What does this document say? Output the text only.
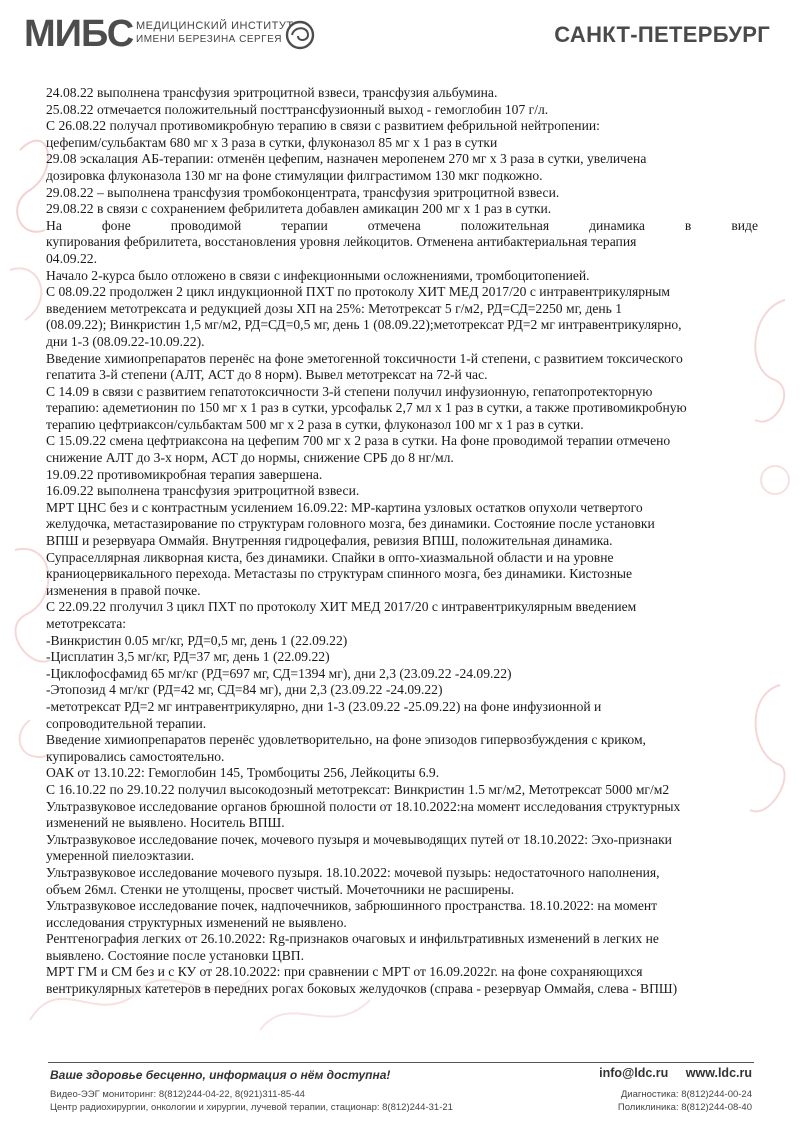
МИБС МЕДИЦИНСКИЙ ИНСТИТУТ
ИМЕНИ БЕРЕЗИНА СЕРГЕЯ	САНКТ-ПЕТЕРБУРГ

24.08.22 выполнена трансфузия эритроцитной взвеси, трансфузия альбумина.

25.08.22 отмечается положительный посттрансфузионный выход - гемоглобин 107 г/л.

С 26.08.22 получал противомикробную терапию в связи с развитием фебрильной нейтропении:

цефепим/сульбактам 680 мг х 3 раза в сутки, флуконазол 85 мг х 1 раз в сутки

29.08 эскалация АБ-терапии: отменён цефепим, назначен меропенем 270 мг х 3 раза в сутки, увеличена

дозировка флуконазола 130 мг на фоне стимуляции филграстимом 130 мкг подкожно.

29.08.22 – выполнена трансфузия тромбоконцентрата, трансфузия эритроцитной взвеси.

29.08.22 в связи с сохранением фебрилитета добавлен амикацин 200 мг х 1 раз в сутки.

На фоне проводимой терапии отмечена положительная динамика в виде

купирования фебрилитета, восстановления уровня лейкоцитов. Отменена антибактериальная терапия

04.09.22.

Начало 2-курса было отложено в связи с инфекционными осложнениями, тромбоцитопенией.

С 08.09.22 продолжен 2 цикл индукционной ПХТ по протоколу ХИТ МЕД 2017/20 с интравентрикулярным

введением метотрексата и редукцией дозы ХП на 25%: Метотрексат 5 г/м2, РД=СД=2250 мг, день 1

(08.09.22); Винкристин 1,5 мг/м2, РД=СД=0,5 мг, день 1 (08.09.22);метотрексат РД=2 мг интравентрикулярно,

дни 1-3 (08.09.22-10.09.22).

Введение химиопрепаратов перенёс на фоне эметогенной токсичности 1-й степени, с развитием токсического

гепатита 3-й степени (АЛТ, АСТ до 8 норм). Вывел метотрексат на 72-й час.

С 14.09 в связи с развитием гепатотоксичности 3-й степени получил инфузионную, гепатопротекторную

терапию: адеметионин по 150 мг х 1 раз в сутки, урсофальк 2,7 мл х 1 раз в сутки, а также противомикробную

терапию цефтриаксон/сульбактам 500 мг х 2 раза в сутки, флуконазол 100 мг х 1 раз в сутки.

С 15.09.22 смена цефтриаксона на цефепим 700 мг х 2 раза в сутки. На фоне проводимой терапии отмечено

снижение АЛТ до 3-х норм, АСТ до нормы, снижение СРБ до 8 нг/мл.

19.09.22 противомикробная терапия завершена.

16.09.22 выполнена трансфузия эритроцитной взвеси.

МРТ ЦНС без и с контрастным усилением 16.09.22: МР-картина узловых остатков опухоли четвертого

желудочка, метастазирование по структурам головного мозга, без динамики. Состояние после установки

ВПШ и резервуара Оммайя. Внутренняя гидроцефалия, ревизия ВПШ, положительная динамика.

Супраселлярная ликворная киста, без динамики. Спайки в опто-хиазмальной области и на уровне

краниоцервикального перехода. Метастазы по структурам спинного мозга, без динамики. Кистозные

изменения в правой почке.

С 22.09.22 пголучил 3 цикл ПХТ по протоколу ХИТ МЕД 2017/20 с интравентрикулярным введением

метотрексата:

-Винкристин 0.05 мг/кг, РД=0,5 мг, день 1 (22.09.22)

-Цисплатин 3,5 мг/кг, РД=37 мг, день 1 (22.09.22)

-Циклофосфамид 65 мг/кг (РД=697 мг, СД=1394 мг), дни 2,3 (23.09.22 -24.09.22)

-Этопозид 4 мг/кг (РД=42 мг, СД=84 мг), дни 2,3 (23.09.22 -24.09.22)

-метотрексат РД=2 мг интравентрикулярно, дни 1-3 (23.09.22 -25.09.22) на фоне инфузионной и

сопроводительной терапии.

Введение химиопрепаратов перенёс удовлетворительно, на фоне эпизодов гипервозбуждения с криком,

купировались самостоятельно.

ОАК от 13.10.22: Гемоглобин 145, Тромбоциты 256, Лейкоциты 6.9.

С 16.10.22 по 29.10.22 получил высокодозный метотрексат: Винкристин 1.5 мг/м2, Метотрексат 5000 мг/м2

Ультразвуковое исследование органов брюшной полости от 18.10.2022:на момент исследования структурных

изменений не выявлено. Носитель ВПШ.

Ультразвуковое исследование почек, мочевого пузыря и мочевыводящих путей от 18.10.2022: Эхо-признаки

умеренной пиелоэктазии.

Ультразвуковое исследование мочевого пузыря. 18.10.2022: мочевой пузырь: недостаточного наполнения,

объем 26мл. Стенки не утолщены, просвет чистый. Мочеточники не расширены.

Ультразвуковое исследование почек, надпочечников, забрюшинного пространства. 18.10.2022: на момент

исследования структурных изменений не выявлено.

Рентгенография легких от 26.10.2022: Rg-признаков очаговых и инфильтративных изменений в легких не

выявлено. Состояние после установки ЦВП.

МРТ ГМ и СМ без и с КУ от 28.10.2022: при сравнении с МРТ от 16.09.2022г. на фоне сохраняющихся

вентрикулярных катетеров в передних рогах боковых желудочков (справа - резервуар Оммайя, слева - ВПШ)

Ваше здоровье бесценно, информация о нём доступна!	info@ldc.ru www.ldc.ru
Видео-ЭЭГ мониторинг: 8(812)244-04-22, 8(921)311-85-44
Центр радиохирургии, онкологии и хирургии, лучевой терапии, стационар: 8(812)244-31-21
Диагностика: 8(812)244-00-24
Поликлиника: 8(812)244-08-40
